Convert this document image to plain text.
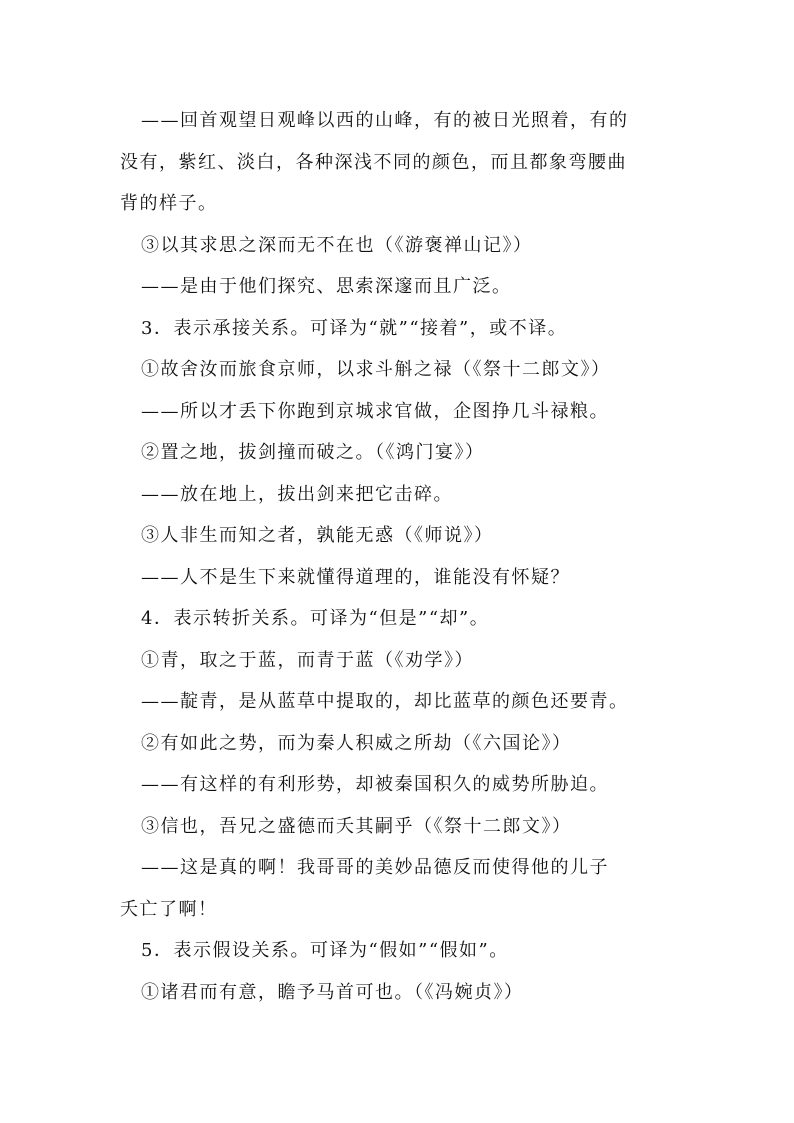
——回首观望日观峰以西的山峰，有的被日光照着，有的
没有，紫红、淡白，各种深浅不同的颜色，而且都象弯腰曲
背的样子。
③以其求思之深而无不在也（《游褒禅山记》）
——是由于他们探究、思索深邃而且广泛。
3．表示承接关系。可译为“就”“接着”，或不译。
①故舍汝而旅食京师，以求斗斛之禄（《祭十二郎文》）
——所以才丢下你跑到京城求官做，企图挣几斗禄粮。
②置之地，拔剑撞而破之。（《鸿门宴》）
——放在地上，拔出剑来把它击碎。
③人非生而知之者，孰能无惑（《师说》）
——人不是生下来就懂得道理的，谁能没有怀疑？
4．表示转折关系。可译为“但是”“却”。
①青，取之于蓝，而青于蓝（《劝学》）
——靛青，是从蓝草中提取的，却比蓝草的颜色还要青。
②有如此之势，而为秦人积威之所劫（《六国论》）
——有这样的有利形势，却被秦国积久的威势所胁迫。
③信也，吾兄之盛德而夭其嗣乎（《祭十二郎文》）
——这是真的啊！我哥哥的美妙品德反而使得他的儿子
夭亡了啊！
5．表示假设关系。可译为“假如”“假如”。
①诸君而有意，瞻予马首可也。（《冯婉贞》）
